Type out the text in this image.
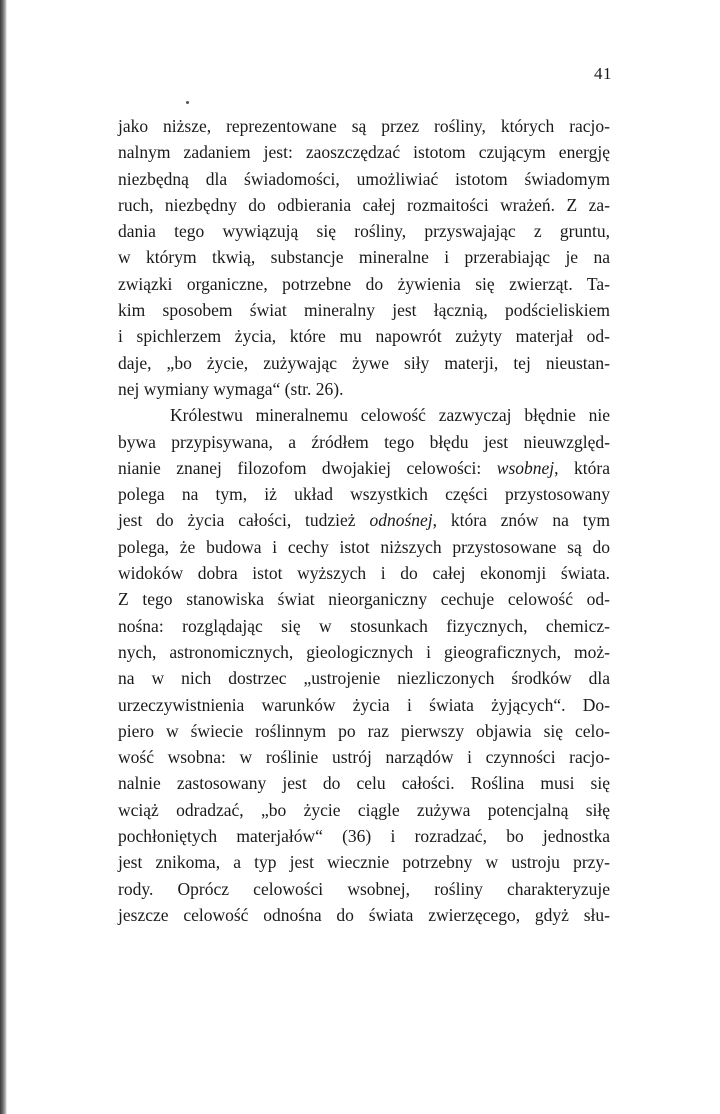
41
jako niższe, reprezentowane są przez rośliny, których racjo-
nalnym zadaniem jest: zaoszczędzać istotom czującym energję
niezbędną dla świadomości, umożliwiać istotom świadomym
ruch, niezbędny do odbierania całej rozmaitości wrażeń. Z za-
dania tego wywiązują się rośliny, przyswajając z gruntu,
w którym tkwią, substancje mineralne i przerabiając je na
związki organiczne, potrzebne do żywienia się zwierząt. Ta-
kim sposobem świat mineralny jest łącznią, podścieliskiem
i spichlerzem życia, które mu napowrót zużyty materjał od-
daje, „bo życie, zużywając żywe siły materji, tej nieustan-
nej wymiany wymaga“ (str. 26).
Królestwu mineralnemu celowość zazwyczaj błędnie nie
bywa przypisywana, a źródłem tego błędu jest nieuwzględ-
nianie znanej filozofom dwojakiej celowości: wsobnej, która
polega na tym, iż układ wszystkich części przystosowany
jest do życia całości, tudzież odnośnej, która znów na tym
polega, że budowa i cechy istot niższych przystosowane są do
widoków dobra istot wyższych i do całej ekonomji świata.
Z tego stanowiska świat nieorganiczny cechuje celowość od-
nośna: rozglądając się w stosunkach fizycznych, chemicz-
nych, astronomicznych, gieologicznych i gieograficznych, moż-
na w nich dostrzec „ustrojenie niezliczonych środków dla
urzeczywistnienia warunków życia i świata żyjących“. Do-
piero w świecie roślinnym po raz pierwszy objawia się celo-
wość wsobna: w roślinie ustrój narządów i czynności racjo-
nalnie zastosowany jest do celu całości. Roślina musi się
wciąż odradzać, „bo życie ciągle zużywa potencjalną siłę
pochłoniętych materjałów“ (36) i rozradzać, bo jednostka
jest znikoma, a typ jest wiecznie potrzebny w ustroju przy-
rody. Oprócz celowości wsobnej, rośliny charakteryzuje
jeszcze celowość odnośna do świata zwierzęcego, gdyż słu-
